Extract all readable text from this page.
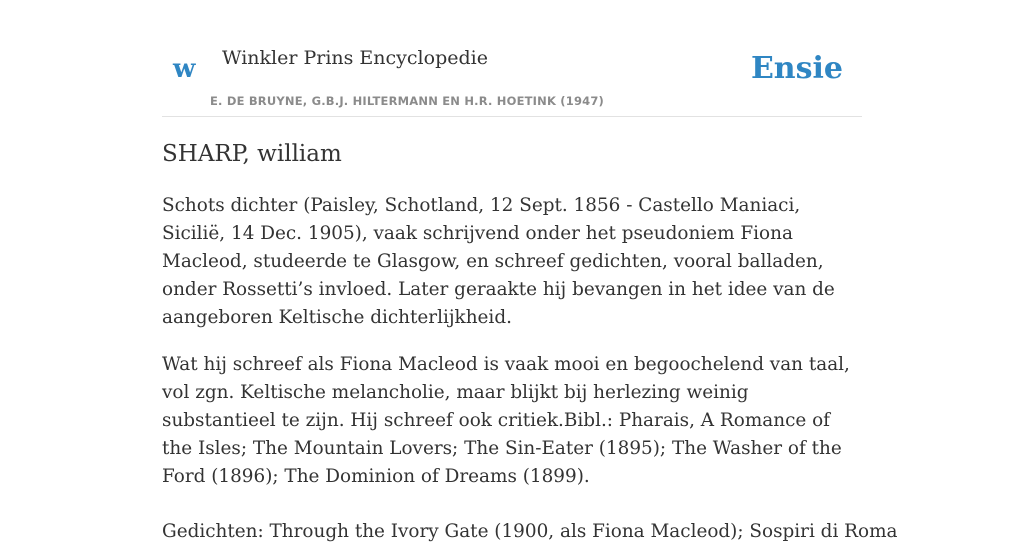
w Winkler Prins Encyclopedie
E. DE BRUYNE, G.B.J. HILTERMANN EN H.R. HOETINK (1947)
Ensie
SHARP, william

Schots dichter (Paisley, Schotland, 12 Sept. 1856 - Castello Maniaci, Sicilië, 14 Dec. 1905), vaak schrijvend onder het pseudoniem Fiona Macleod, studeerde te Glasgow, en schreef gedichten, vooral balladen, onder Rossetti’s invloed. Later geraakte hij bevangen in het idee van de aangeboren Keltische dichterlijkheid.

Wat hij schreef als Fiona Macleod is vaak mooi en begoochelend van taal, vol zgn. Keltische melancholie, maar blijkt bij herlezing weinig substantieel te zijn. Hij schreef ook critiek.Bibl.: Pharais, A Romance of the Isles; The Mountain Lovers; The Sin-Eater (1895); The Washer of the Ford (1896); The Dominion of Dreams (1899).

Gedichten: Through the Ivory Gate (1900, als Fiona Macleod); Sospiri di Roma
